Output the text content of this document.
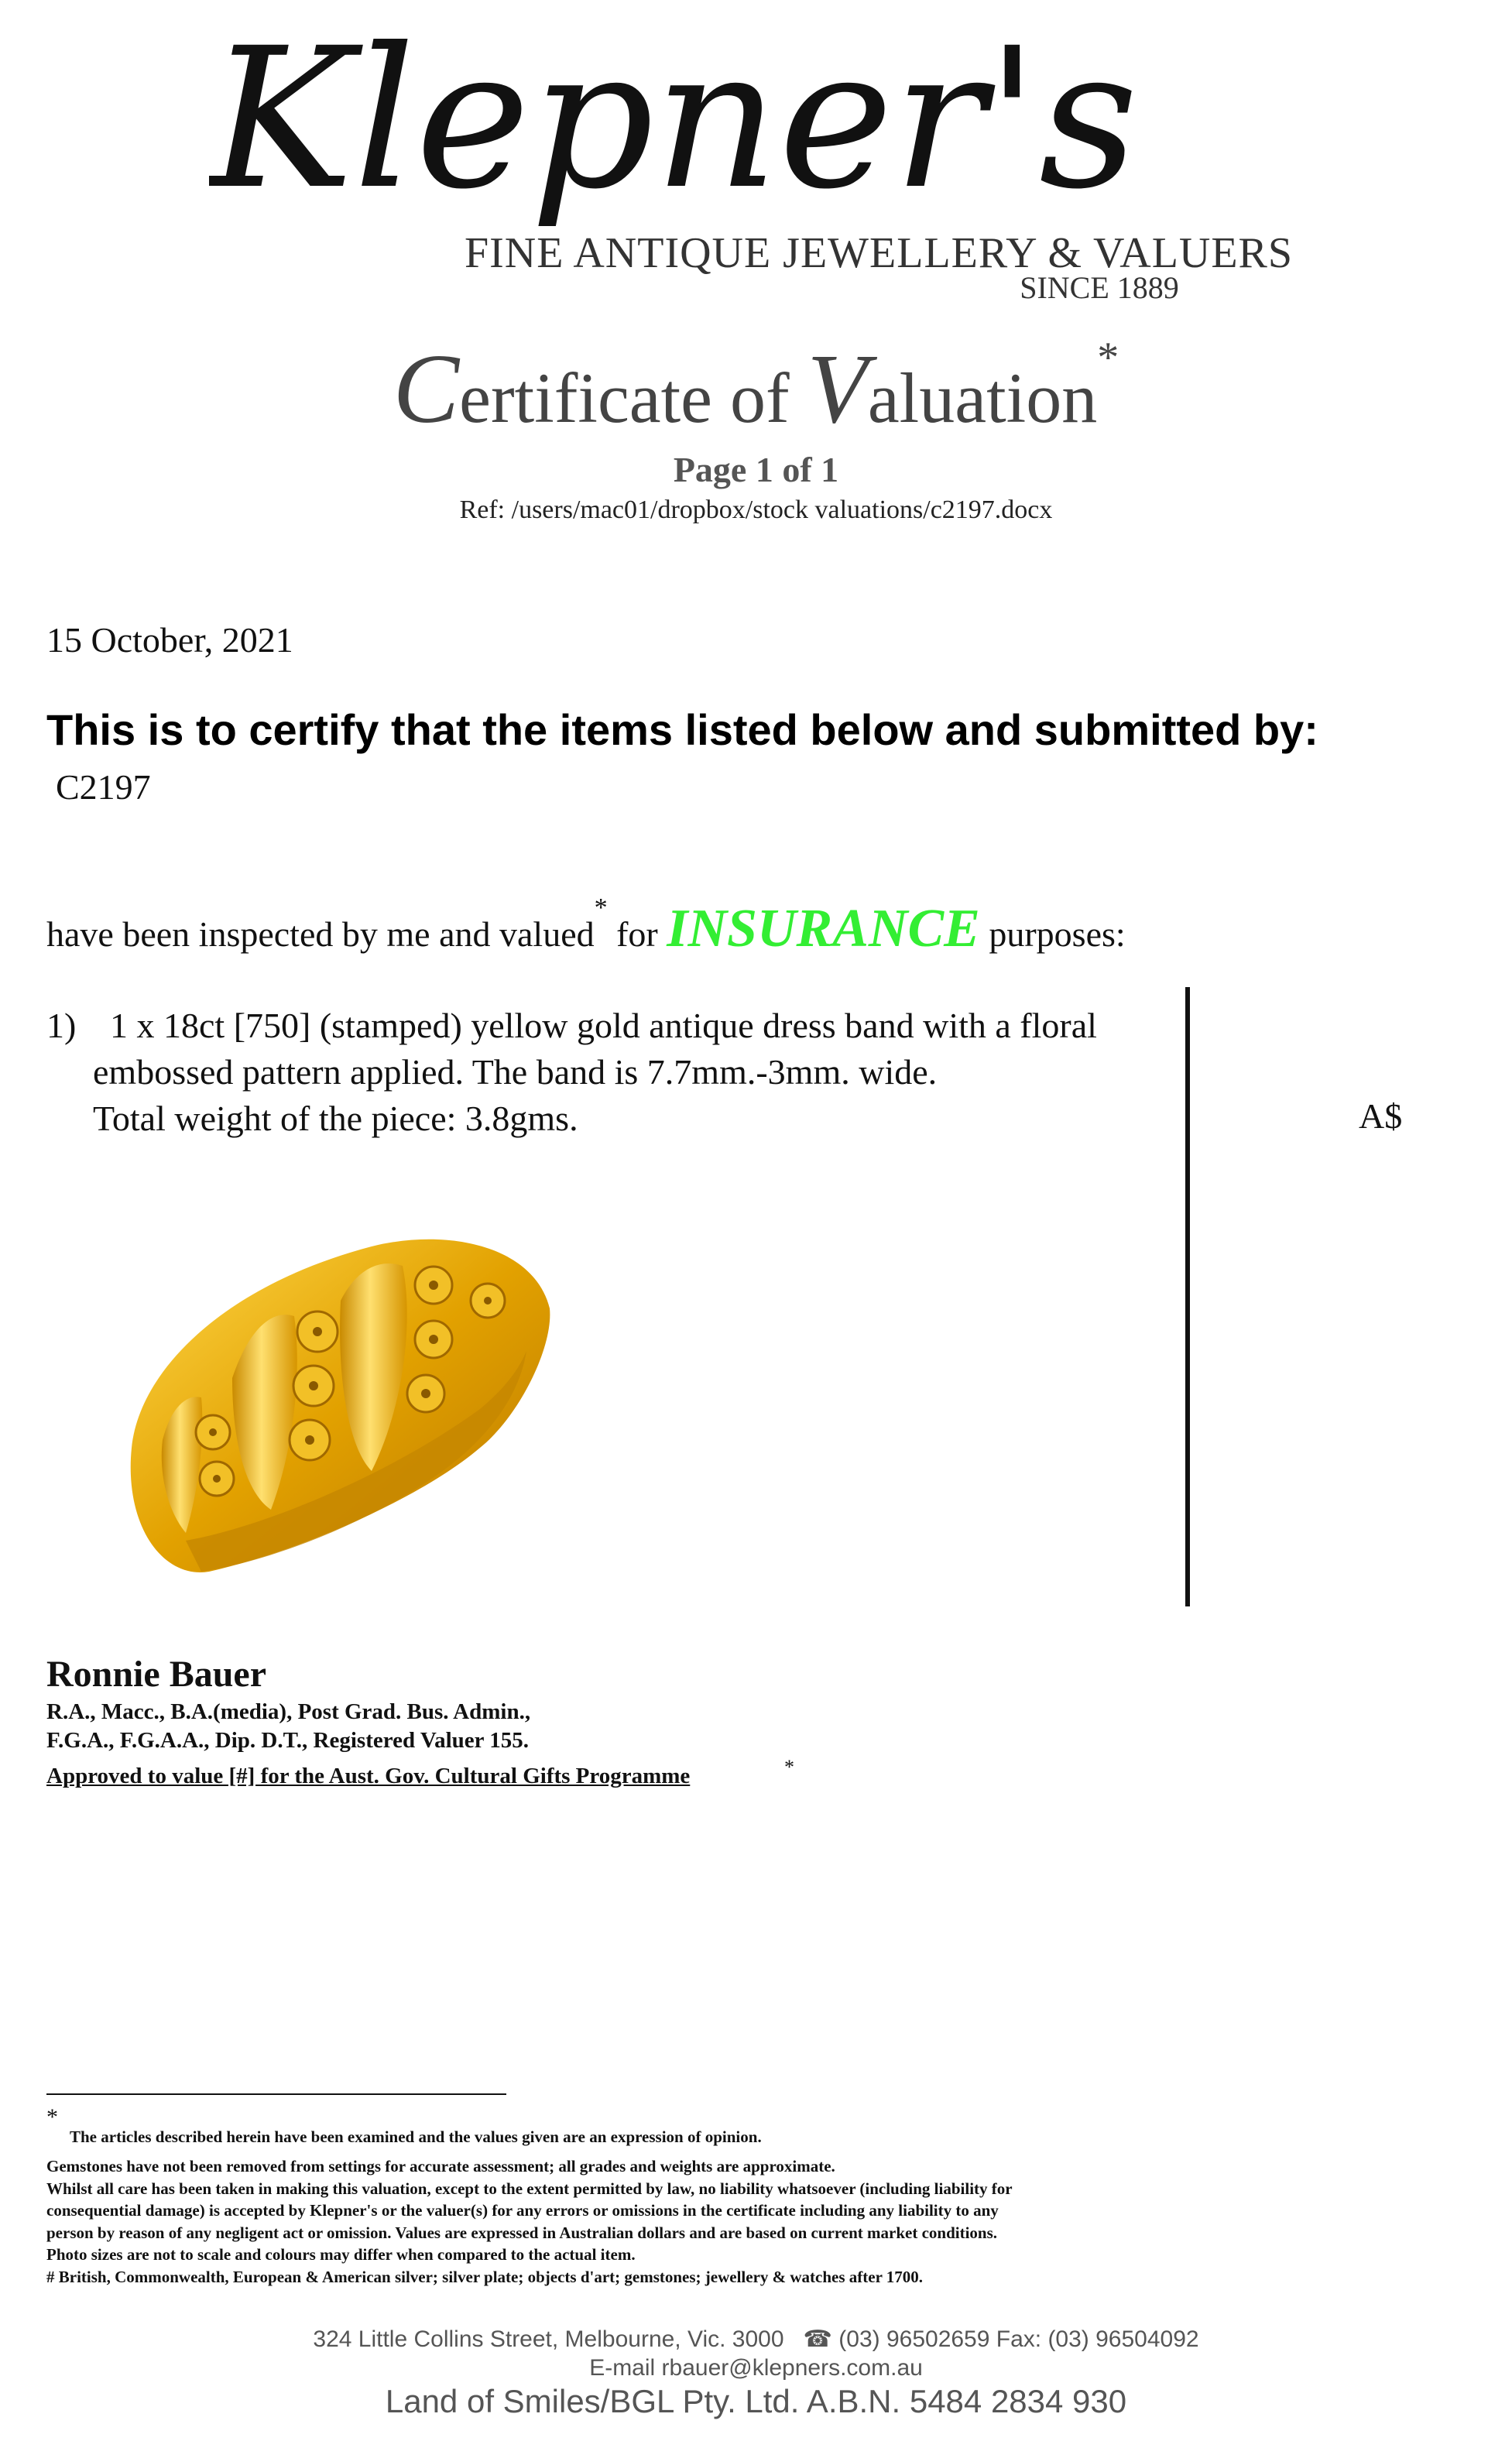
Klepner's
FINE ANTIQUE JEWELLERY & VALUERS
SINCE 1889
Certificate of Valuation*
Page 1 of 1
Ref: /users/mac01/dropbox/stock valuations/c2197.docx
15 October, 2021
This is to certify that the items listed below and submitted by:
C2197
have been inspected by me and valued* for INSURANCE purposes:
1) 1 x 18ct [750] (stamped) yellow gold antique dress band with a floral
embossed pattern applied. The band is 7.7mm.-3mm. wide.
Total weight of the piece: 3.8gms.	A$
Ronnie Bauer
R.A., Macc., B.A.(media), Post Grad. Bus. Admin.,
F.G.A., F.G.A.A., Dip. D.T., Registered Valuer 155.
Approved to value [#] for the Aust. Gov. Cultural Gifts Programme	*
*
The articles described herein have been examined and the values given are an expression of opinion.
Gemstones have not been removed from settings for accurate assessment; all grades and weights are approximate.
Whilst all care has been taken in making this valuation, except to the extent permitted by law, no liability whatsoever (including liability for
consequential damage) is accepted by Klepner's or the valuer(s) for any errors or omissions in the certificate including any liability to any
person by reason of any negligent act or omission. Values are expressed in Australian dollars and are based on current market conditions.
Photo sizes are not to scale and colours may differ when compared to the actual item.
# British, Commonwealth, European & American silver; silver plate; objects d'art; gemstones; jewellery & watches after 1700.
324 Little Collins Street, Melbourne, Vic. 3000 ☎ (03) 96502659 Fax: (03) 96504092
E-mail rbauer@klepners.com.au
Land of Smiles/BGL Pty. Ltd. A.B.N. 5484 2834 930
